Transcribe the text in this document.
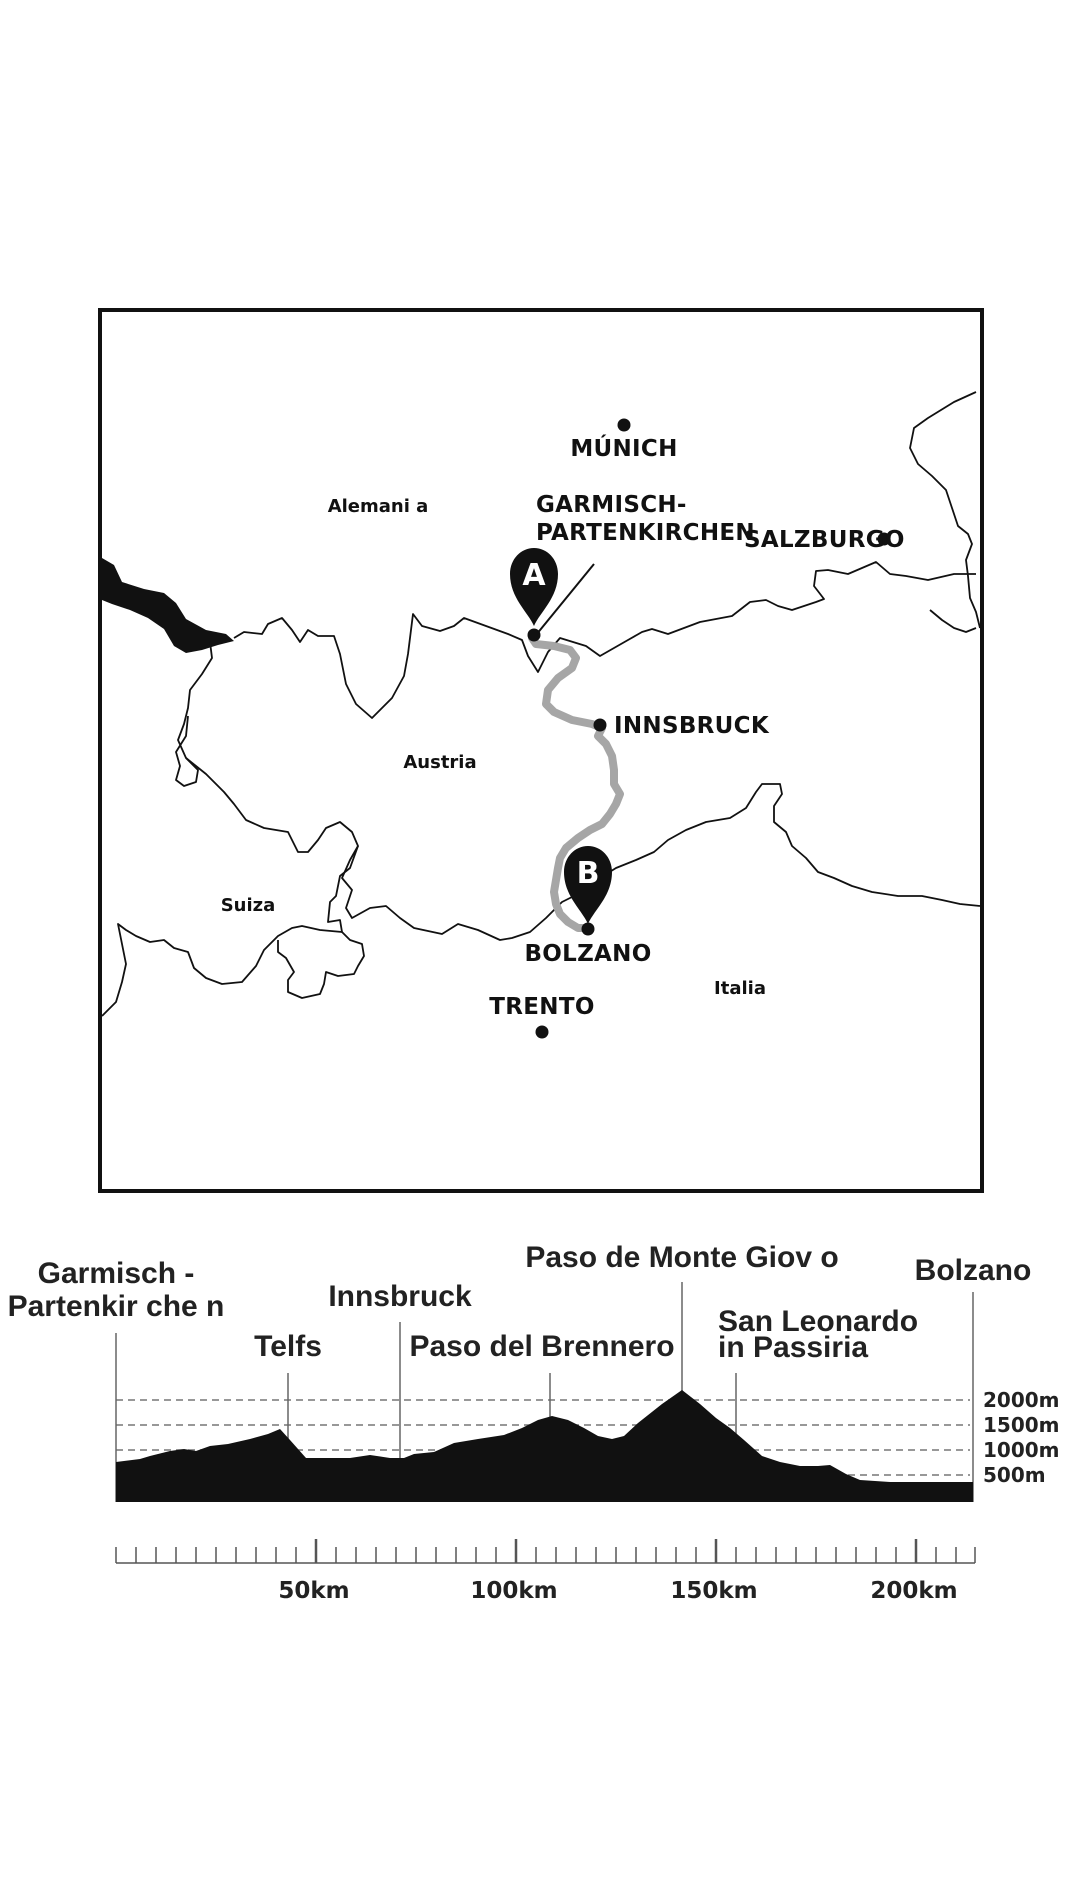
A
B
MÚNICH
GARMISCH-
PARTENKIRCHEN
SALZBURGO
INNSBRUCK
BOLZANO
TRENTO
Alemani a
Austria
Suiza
Italia
Garmisch -
Partenkir che n
Telfs
Innsbruck
Paso del Brennero
Paso de Monte Giov o
San Leonardo
in Passiria
Bolzano
2000m
1500m
1000m
500m
50km	100km	150km	200km
